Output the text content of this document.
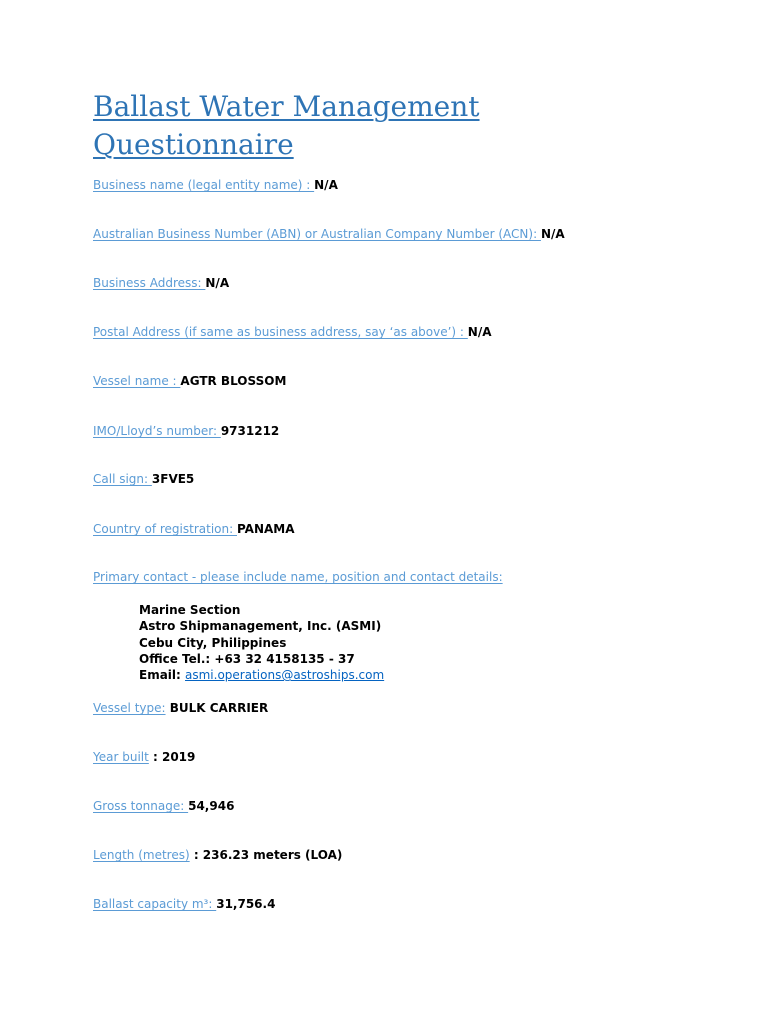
Ballast Water Management Questionnaire
Business name (legal entity name) : N/A
Australian Business Number (ABN) or Australian Company Number (ACN): N/A
Business Address: N/A
Postal Address (if same as business address, say ‘as above’) : N/A
Vessel name : AGTR BLOSSOM
IMO/Lloyd’s number: 9731212
Call sign: 3FVE5
Country of registration: PANAMA
Primary contact - please include name, position and contact details:
Marine Section
Astro Shipmanagement, Inc. (ASMI)
Cebu City, Philippines
Office Tel.: +63 32 4158135 - 37
Email: asmi.operations@astroships.com
Vessel type: BULK CARRIER
Year built : 2019
Gross tonnage: 54,946
Length (metres) : 236.23 meters (LOA)
Ballast capacity m³: 31,756.4
